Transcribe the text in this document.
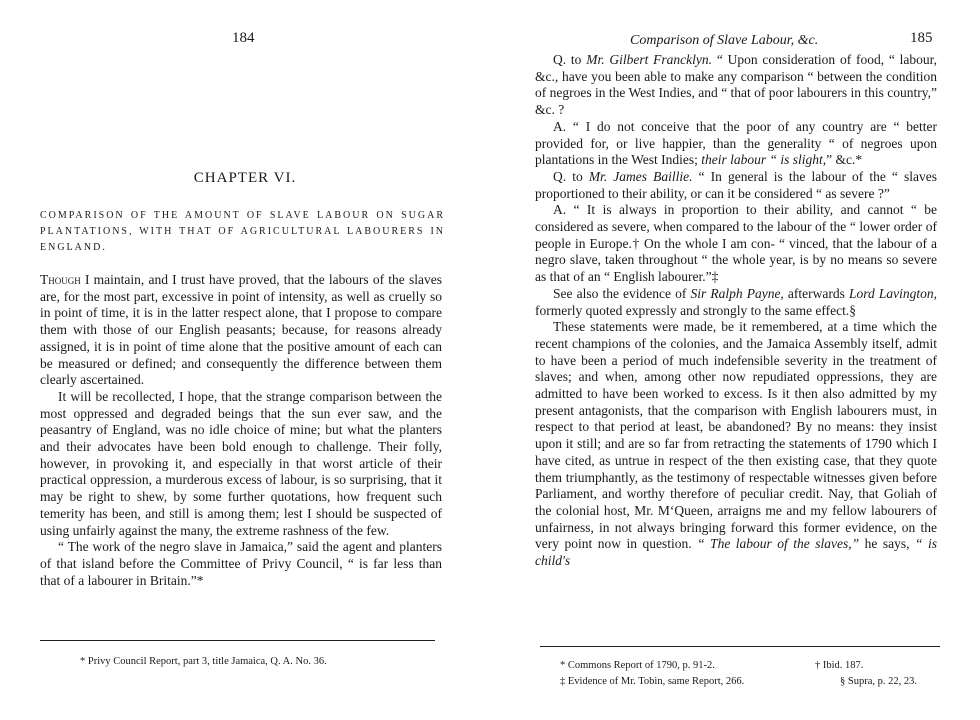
184
CHAPTER VI.
COMPARISON OF THE AMOUNT OF SLAVE LABOUR ON SUGAR PLANTATIONS, WITH THAT OF AGRICULTURAL LABOURERS IN ENGLAND.

Though I maintain, and I trust have proved, that the labours of the slaves are, for the most part, excessive in point of intensity, as well as cruelly so in point of time, it is in the latter respect alone, that I propose to compare them with those of our English peasants; because, for reasons already assigned, it is in point of time alone that the positive amount of each can be measured or defined; and consequently the difference between them clearly ascertained.

It will be recollected, I hope, that the strange comparison between the most oppressed and degraded beings that the sun ever saw, and the peasantry of England, was no idle choice of mine; but what the planters and their advocates have been bold enough to challenge. Their folly, however, in provoking it, and especially in that worst article of their practical oppression, a murderous excess of labour, is so surprising, that it may be right to shew, by some further quotations, how frequent such temerity has been, and still is among them; lest I should be suspected of using unfairly against the many, the extreme rashness of the few.

“ The work of the negro slave in Jamaica,” said the agent and planters of that island before the Committee of Privy Council, “ is far less than that of a labourer in Britain.”*

* Privy Council Report, part 3, title Jamaica, Q. A. No. 36.
Comparison of Slave Labour, &c.	185

Q. to Mr. Gilbert Francklyn. “ Upon consideration of food, “ labour, &c., have you been able to make any comparison “ between the condition of negroes in the West Indies, and “ that of poor labourers in this country,” &c. ?

A. “ I do not conceive that the poor of any country are “ better provided for, or live happier, than the generality “ of negroes upon plantations in the West Indies; their labour “ is slight,” &c.*

Q. to Mr. James Baillie. “ In general is the labour of the “ slaves proportioned to their ability, or can it be considered “ as severe ?”

A. “ It is always in proportion to their ability, and cannot “ be considered as severe, when compared to the labour of the “ lower order of people in Europe.† On the whole I am con- “ vinced, that the labour of a negro slave, taken throughout “ the whole year, is by no means so severe as that of an “ English labourer.”‡

See also the evidence of Sir Ralph Payne, afterwards Lord Lavington, formerly quoted expressly and strongly to the same effect.§

These statements were made, be it remembered, at a time which the recent champions of the colonies, and the Jamaica Assembly itself, admit to have been a period of much indefensible severity in the treatment of slaves; and when, among other now repudiated oppressions, they are admitted to have been worked to excess. Is it then also admitted by my present antagonists, that the comparison with English labourers must, in respect to that period at least, be abandoned? By no means: they insist upon it still; and are so far from retracting the statements of 1790 which I have cited, as untrue in respect of the then existing case, that they quote them triumphantly, as the testimony of respectable witnesses given before Parliament, and worthy therefore of peculiar credit. Nay, that Goliah of the colonial host, Mr. M‘Queen, arraigns me and my fellow labourers of unfairness, in not always bringing forward this former evidence, on the very point now in question. “ The labour of the slaves,” he says, “ is child's

* Commons Report of 1790, p. 91-2.	† Ibid. 187.
‡ Evidence of Mr. Tobin, same Report, 266.	§ Supra, p. 22, 23.
